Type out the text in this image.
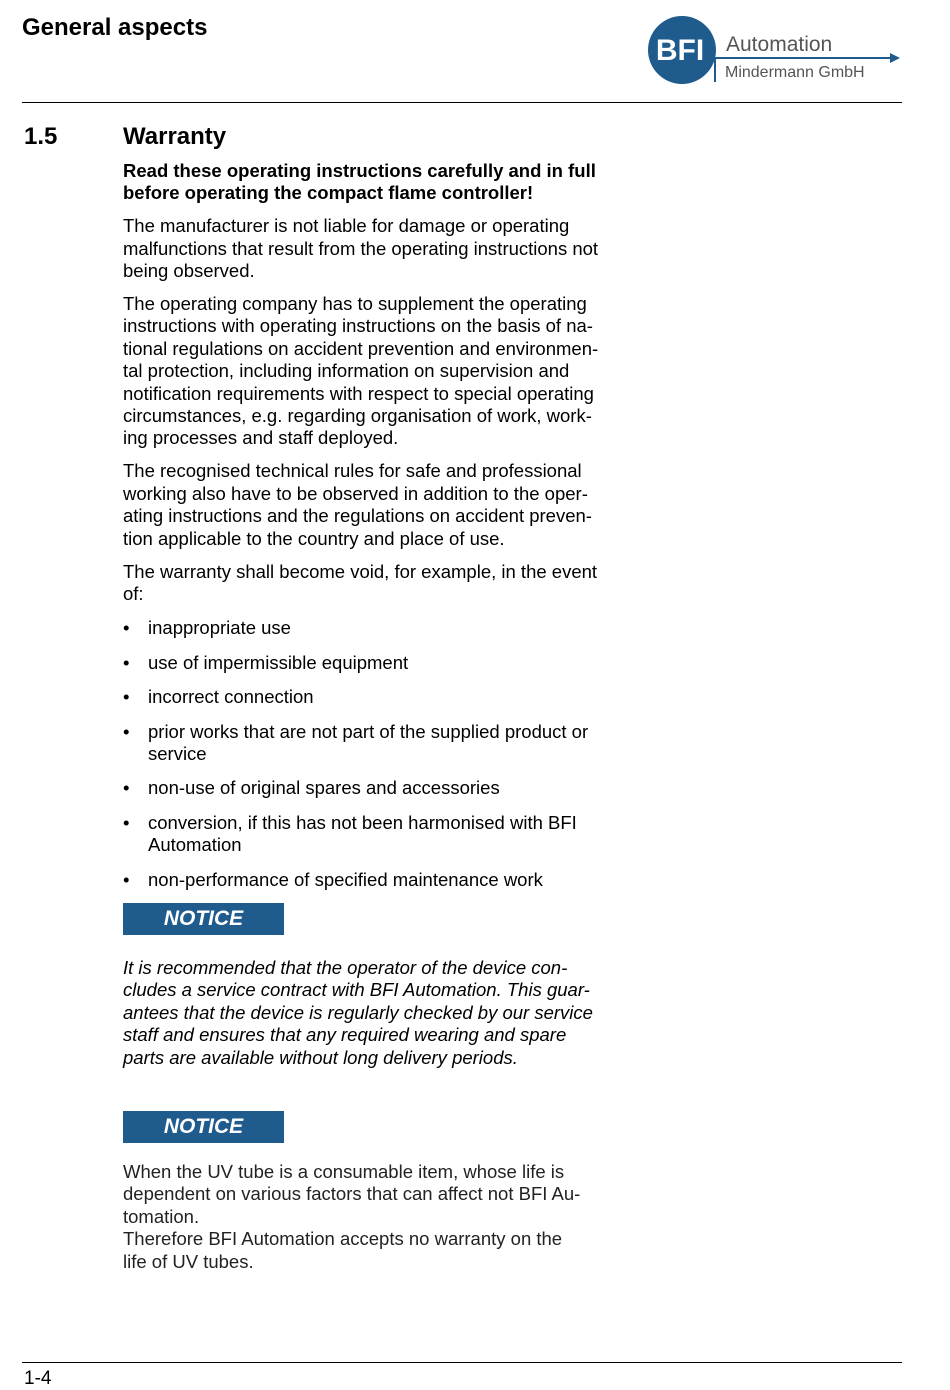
General aspects
BFI Automation
Mindermann GmbH
1.5	Warranty

Read these operating instructions carefully and in full
before operating the compact flame controller!

The manufacturer is not liable for damage or operating
malfunctions that result from the operating instructions not
being observed.

The operating company has to supplement the operating
instructions with operating instructions on the basis of na-
tional regulations on accident prevention and environmen-
tal protection, including information on supervision and
notification requirements with respect to special operating
circumstances, e.g. regarding organisation of work, work-
ing processes and staff deployed.

The recognised technical rules for safe and professional
working also have to be observed in addition to the oper-
ating instructions and the regulations on accident preven-
tion applicable to the country and place of use.

The warranty shall become void, for example, in the event
of:

• inappropriate use
• use of impermissible equipment
• incorrect connection
• prior works that are not part of the supplied product or
service
• non-use of original spares and accessories
• conversion, if this has not been harmonised with BFI
Automation
• non-performance of specified maintenance work
NOTICE
It is recommended that the operator of the device con-
cludes a service contract with BFI Automation. This guar-
antees that the device is regularly checked by our service
staff and ensures that any required wearing and spare
parts are available without long delivery periods.
NOTICE
When the UV tube is a consumable item, whose life is
dependent on various factors that can affect not BFI Au-
tomation.
Therefore BFI Automation accepts no warranty on the
life of UV tubes.
1-4
